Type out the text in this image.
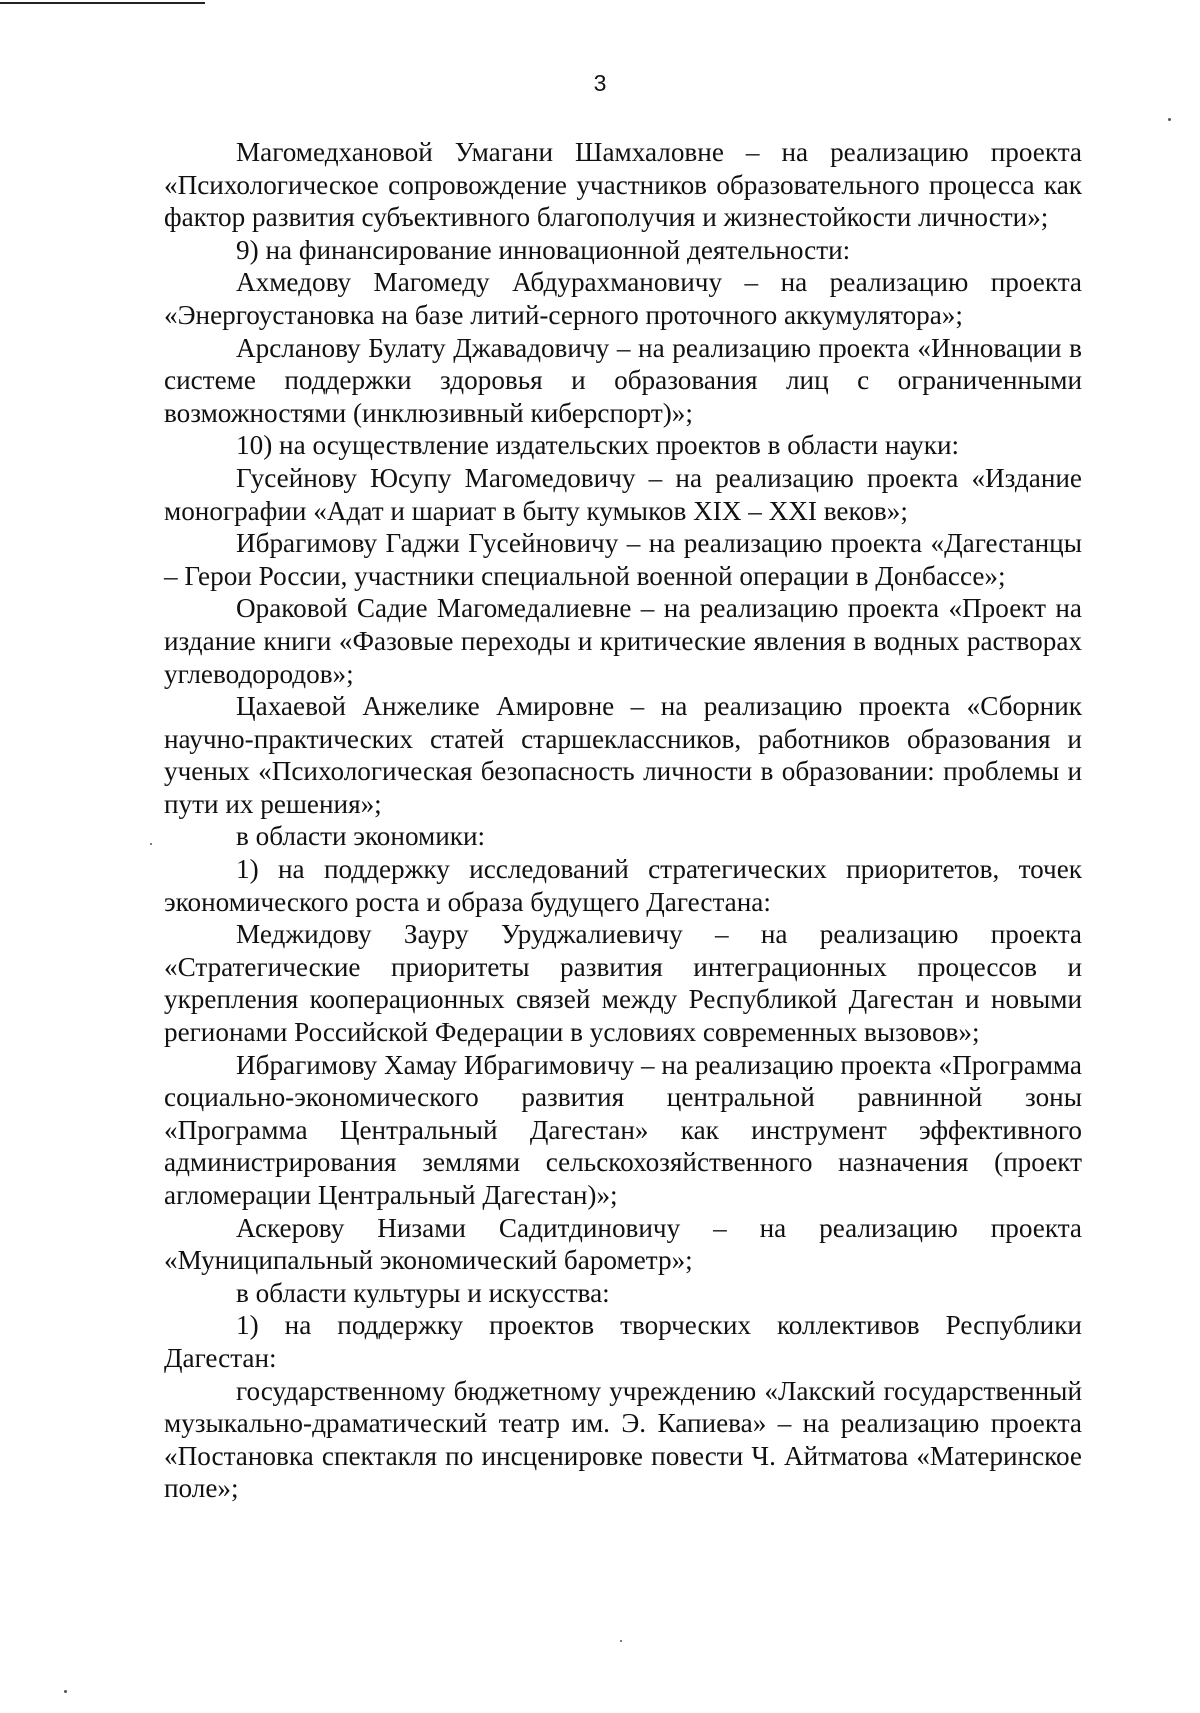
3

Магомедхановой Умагани Шамхаловне – на реализацию проекта «Психологическое сопровождение участников образовательного процесса как фактор развития субъективного благополучия и жизнестойкости личности»;

9) на финансирование инновационной деятельности:

Ахмедову Магомеду Абдурахмановичу – на реализацию проекта «Энергоустановка на базе литий-серного проточного аккумулятора»;

Арсланову Булату Джавадовичу – на реализацию проекта «Инновации в системе поддержки здоровья и образования лиц с ограниченными возможностями (инклюзивный киберспорт)»;

10) на осуществление издательских проектов в области науки:

Гусейнову Юсупу Магомедовичу – на реализацию проекта «Издание монографии «Адат и шариат в быту кумыков XIX – XXI веков»;

Ибрагимову Гаджи Гусейновичу – на реализацию проекта «Дагестанцы – Герои России, участники специальной военной операции в Донбассе»;

Ораковой Садие Магомедалиевне – на реализацию проекта «Проект на издание книги «Фазовые переходы и критические явления в водных растворах углеводородов»;

Цахаевой Анжелике Амировне – на реализацию проекта «Сборник научно-практических статей старшеклассников, работников образования и ученых «Психологическая безопасность личности в образовании: проблемы и пути их решения»;

в области экономики:

1) на поддержку исследований стратегических приоритетов, точек экономического роста и образа будущего Дагестана:

Меджидову Зауру Уруджалиевичу – на реализацию проекта «Стратегические приоритеты развития интеграционных процессов и укрепления кооперационных связей между Республикой Дагестан и новыми регионами Российской Федерации в условиях современных вызовов»;

Ибрагимову Хамау Ибрагимовичу – на реализацию проекта «Программа социально-экономического развития центральной равнинной зоны «Программа Центральный Дагестан» как инструмент эффективного администрирования землями сельскохозяйственного назначения (проект агломерации Центральный Дагестан)»;

Аскерову Низами Садитдиновичу – на реализацию проекта «Муниципальный экономический барометр»;

в области культуры и искусства:

1) на поддержку проектов творческих коллективов Республики Дагестан:

государственному бюджетному учреждению «Лакский государственный музыкально-драматический театр им. Э. Капиева» – на реализацию проекта «Постановка спектакля по инсценировке повести Ч. Айтматова «Материнское поле»;
